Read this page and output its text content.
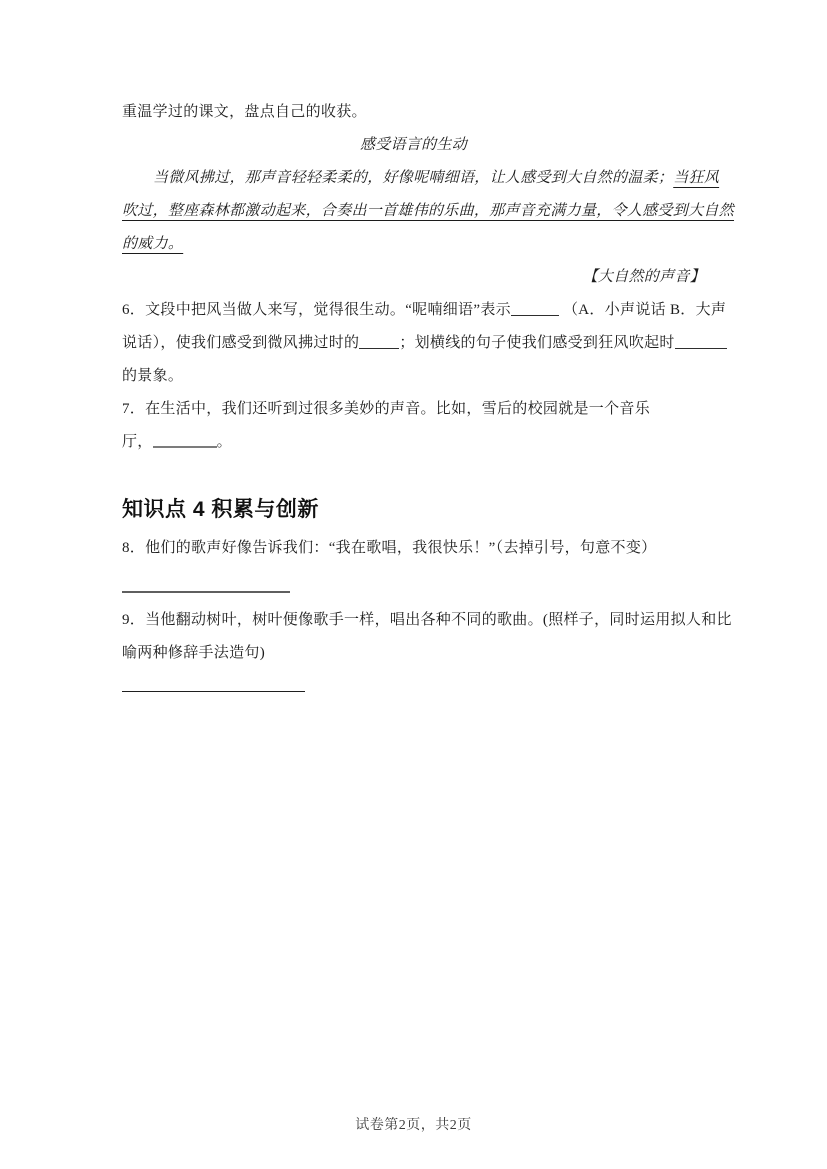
重温学过的课文，盘点自己的收获。
感受语言的生动
当微风拂过，那声音轻轻柔柔的，好像呢喃细语，让人感受到大自然的温柔；当狂风
吹过，整座森林都激动起来，合奏出一首雄伟的乐曲，那声音充满力量，令人感受到大自然
的威力。
【大自然的声音】
6．文段中把风当做人来写，觉得很生动。“呢喃细语”表示	（A．小声说话 B．大声
说话），使我们感受到微风拂过时的	；划横线的句子使我们感受到狂风吹起时
的景象。
7．在生活中，我们还听到过很多美妙的声音。比如，雪后的校园就是一个音乐
厅，	。
知识点 4 积累与创新
8．他们的歌声好像告诉我们：“我在歌唱，我很快乐！”（去掉引号，句意不变）
9．当他翻动树叶，树叶便像歌手一样，唱出各种不同的歌曲。(照样子，同时运用拟人和比
喻两种修辞手法造句)
试卷第2页，共2页
